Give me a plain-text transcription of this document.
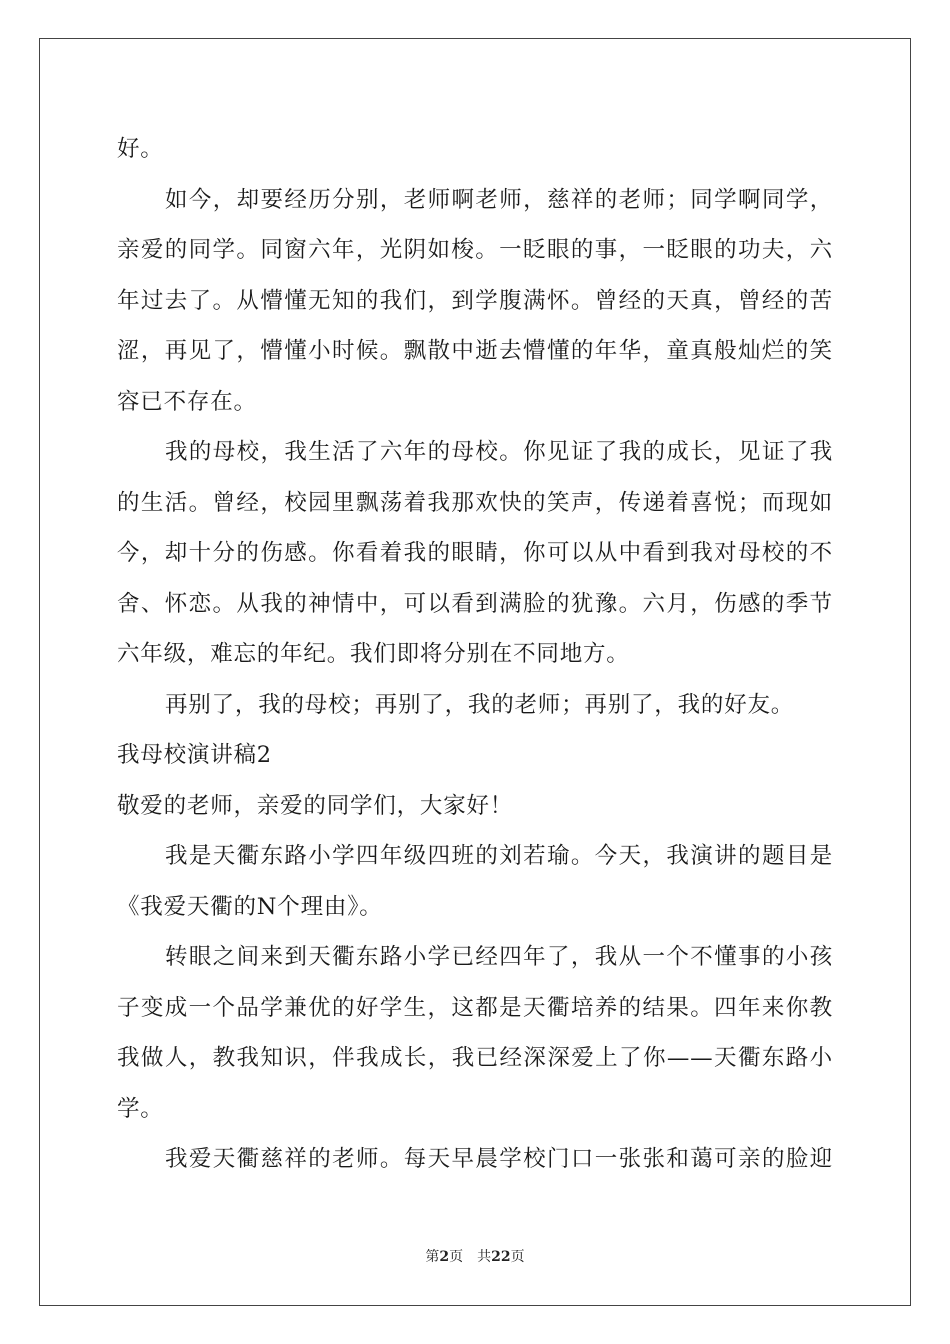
好。
如今，却要经历分别，老师啊老师，慈祥的老师；同学啊同学，
亲爱的同学。同窗六年，光阴如梭。一眨眼的事，一眨眼的功夫，六
年过去了。从懵懂无知的我们，到学腹满怀。曾经的天真，曾经的苦
涩，再见了，懵懂小时候。飘散中逝去懵懂的年华，童真般灿烂的笑
容已不存在。
我的母校，我生活了六年的母校。你见证了我的成长，见证了我
的生活。曾经，校园里飘荡着我那欢快的笑声，传递着喜悦；而现如
今，却十分的伤感。你看着我的眼睛，你可以从中看到我对母校的不
舍、怀恋。从我的神情中，可以看到满脸的犹豫。六月，伤感的季节
六年级，难忘的年纪。我们即将分别在不同地方。
再别了，我的母校；再别了，我的老师；再别了，我的好友。
我母校演讲稿2
敬爱的老师，亲爱的同学们，大家好！
我是天衢东路小学四年级四班的刘若瑜。今天，我演讲的题目是
《我爱天衢的N个理由》。
转眼之间来到天衢东路小学已经四年了，我从一个不懂事的小孩
子变成一个品学兼优的好学生，这都是天衢培养的结果。四年来你教
我做人，教我知识，伴我成长，我已经深深爱上了你——天衢东路小
学。
我爱天衢慈祥的老师。每天早晨学校门口一张张和蔼可亲的脸迎
第2页　共22页
